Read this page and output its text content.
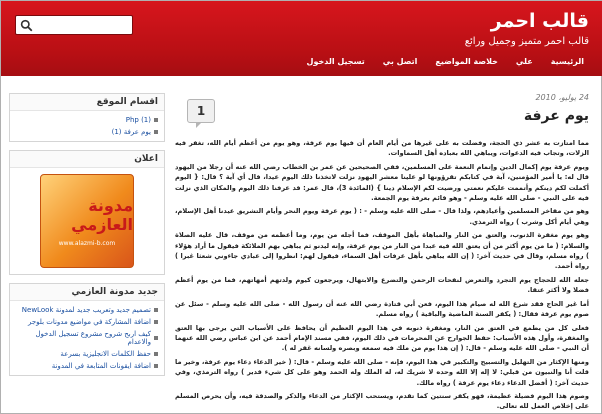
قالب احمر
قالب احمر متميز وجميل ورائع
الرئيسية
علي
خلاصة المواضيع
اتصل بي
تسجيل الدخول
24 يوليو، 2010
يوم عرفة
1

مما امتازت به عشر ذي الحجة، وفضلت به على غيرها من أيام العام أن فيها يوم عرفة، وهو يوم من أعظم أيام الله، تغفر فيه الزلات، وتجاب فيه الدعوات، ويباهي الله بعباده أهل السماوات.

ويوم عرفة يوم إكمال الدين وإتمام النعمة على المسلمين، ففي الصحيحين عن عمر بن الخطاب رضي الله عنه أن رجلا من اليهود قال له: يا أمير المؤمنين، آية في كتابكم تقرؤونها لو علينا معشر اليهود نزلت لاتخذنا ذلك اليوم عيدا، قال أي آية ؟ قال: { اليوم أكملت لكم دينكم وأتممت عليكم نعمتي ورضيت لكم الإسلام دينا } (المائدة 3)، قال عمر: قد عرفنا ذلك اليوم والمكان الذي نزلت فيه على النبي - صلى الله عليه وسلم - وهو قائم بعرفة يوم الجمعة.

وهو من مفاخر المسلمين وأعيادهم، ولذا قال - صلى الله عليه وسلم - : ( يوم عرفة ويوم النحر وأيام التشريق عيدنا أهل الإسلام، وهي أيام أكل وشرب ) رواه الترمذي.

وهو يوم مغفرة الذنوب، والعتق من النار والمباهاة بأهل الموقف، فما أجله من يوم، وما أعظمه من موقف، قال عليه الصلاة والسلام: ( ما من يوم أكثر من أن يعتق الله فيه عبدا من النار من يوم عرفة، وإنه ليدنو ثم يباهي بهم الملائكة فيقول ما أراد هؤلاء ) رواه مسلم، وقال في حديث آخر: ( إن الله يباهي بأهل عرفات أهل السماء، فيقول لهم: انظروا إلى عبادي جاءوني شعثا غبرا ) رواه أحمد.

جعله الله للحجاج يوم التجرد والتعرض لنفحات الرحمن والتضرع والابتهال، ويرجعون كيوم ولدتهم أمهاتهم، فما من يوم أعظم فضلا ولا أكثر عتقا.

أما غير الحاج فقد شرع الله له صيام هذا اليوم، فعن أبي قتادة رضي الله عنه أن رسول الله - صلى الله عليه وسلم - سئل عن صوم يوم عرفة فقال: ( يكفر السنة الماضية والباقية ) رواه مسلم.

فعلى كل من يطمع في العتق من النار، ومغفرة ذنوبه في هذا اليوم العظيم أن يحافظ على الأسباب التي يرجى بها العتق والمغفرة، وأول هذه الأسباب: حفظ الجوارح عن المحرمات في ذلك اليوم، ففي مسند الإمام أحمد عن ابن عباس رضي الله عنهما أن النبي - صلى الله عليه وسلم - قال: ( إن هذا يوم من ملك فيه سمعه وبصره ولسانه غفر له ).

ومنها الإكثار من التهليل والتسبيح والتكبير في هذا اليوم، فإنه - صلى الله عليه وسلم - قال: ( خير الدعاء دعاء يوم عرفة، وخير ما قلت أنا والنبيون من قبلي: لا إله إلا الله وحده لا شريك له، له الملك وله الحمد وهو على كل شيء قدير ) رواه الترمذي، وفي حديث آخر: ( أفضل الدعاء دعاء يوم عرفة ) رواه مالك.

وصوم هذا اليوم فضيلة عظيمة، فهو يكفر سنتين كما تقدم، ويستحب الإكثار من الدعاء والذكر والصدقة فيه، وأن يحرص المسلم على إخلاص العمل لله تعالى.

اقسام الموقع
Php (1)
يوم عرفة (1)
اعلان
مدونة العازمي
www.alazmi-b.com
جديد مدونة العازمي
تصميم جديد وتعريب جديد لمدونة NewLook
اضافة المشاركة في مواضيع مدونات بلوجر
كيف اربح شروح مشروع تسجيل الدخول والاعدام
حفظ الكلمات الانجليزية بسرعة
اضافة ايقونات المتابعة في المدونة
